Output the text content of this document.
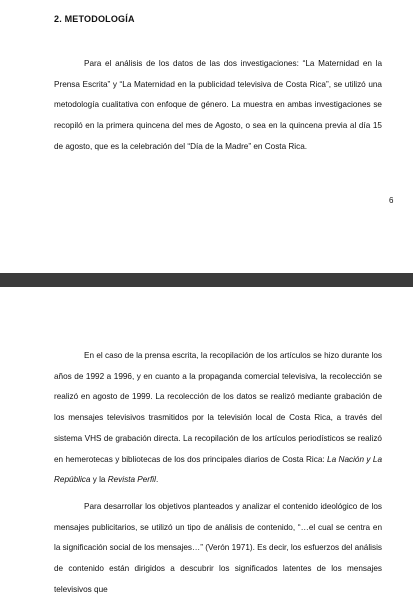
2. METODOLOGÍA

Para el análisis de los datos de las dos investigaciones: “La Maternidad en la Prensa Escrita” y “La Maternidad en la publicidad televisiva de Costa Rica”, se utilizó una metodología cualitativa con enfoque de género. La muestra en ambas investigaciones se recopiló en la primera quincena del mes de Agosto, o sea en la quincena previa al día 15 de agosto, que es la celebración del “Día de la Madre” en Costa Rica.

6

En el caso de la prensa escrita, la recopilación de los artículos se hizo durante los años de 1992 a 1996, y en cuanto a la propaganda comercial televisiva, la recolección se realizó en agosto de 1999. La recolección de los datos se realizó mediante grabación de los mensajes televisivos trasmitidos por la televisión local de Costa Rica, a través del sistema VHS de grabación directa. La recopilación de los artículos periodísticos se realizó en hemerotecas y bibliotecas de los dos principales diarios de Costa Rica: La Nación y La República y la Revista Perfil.

Para desarrollar los objetivos planteados y analizar el contenido ideológico de los mensajes publicitarios, se utilizó un tipo de análisis de contenido, “…el cual se centra en la significación social de los mensajes…” (Verón 1971). Es decir, los esfuerzos del análisis de contenido están dirigidos a descubrir los significados latentes de los mensajes televisivos que
